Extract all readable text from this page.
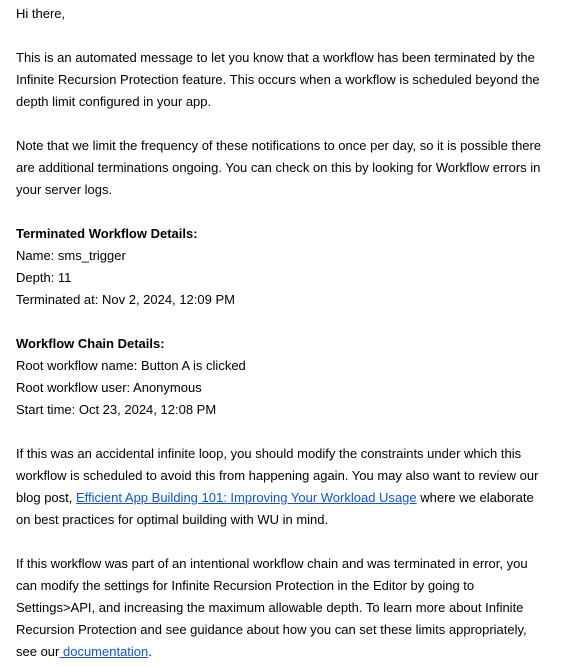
Hi there,

This is an automated message to let you know that a workflow has been terminated by the Infinite Recursion Protection feature. This occurs when a workflow is scheduled beyond the depth limit configured in your app.

Note that we limit the frequency of these notifications to once per day, so it is possible there are additional terminations ongoing. You can check on this by looking for Workflow errors in your server logs.

Terminated Workflow Details:
Name: sms_trigger
Depth: 11
Terminated at: Nov 2, 2024, 12:09 PM

Workflow Chain Details:
Root workflow name: Button A is clicked
Root workflow user: Anonymous
Start time: Oct 23, 2024, 12:08 PM

If this was an accidental infinite loop, you should modify the constraints under which this workflow is scheduled to avoid this from happening again. You may also want to review our blog post, Efficient App Building 101: Improving Your Workload Usage where we elaborate on best practices for optimal building with WU in mind.

If this workflow was part of an intentional workflow chain and was terminated in error, you can modify the settings for Infinite Recursion Protection in the Editor by going to Settings>API, and increasing the maximum allowable depth. To learn more about Infinite Recursion Protection and see guidance about how you can set these limits appropriately, see our documentation.
